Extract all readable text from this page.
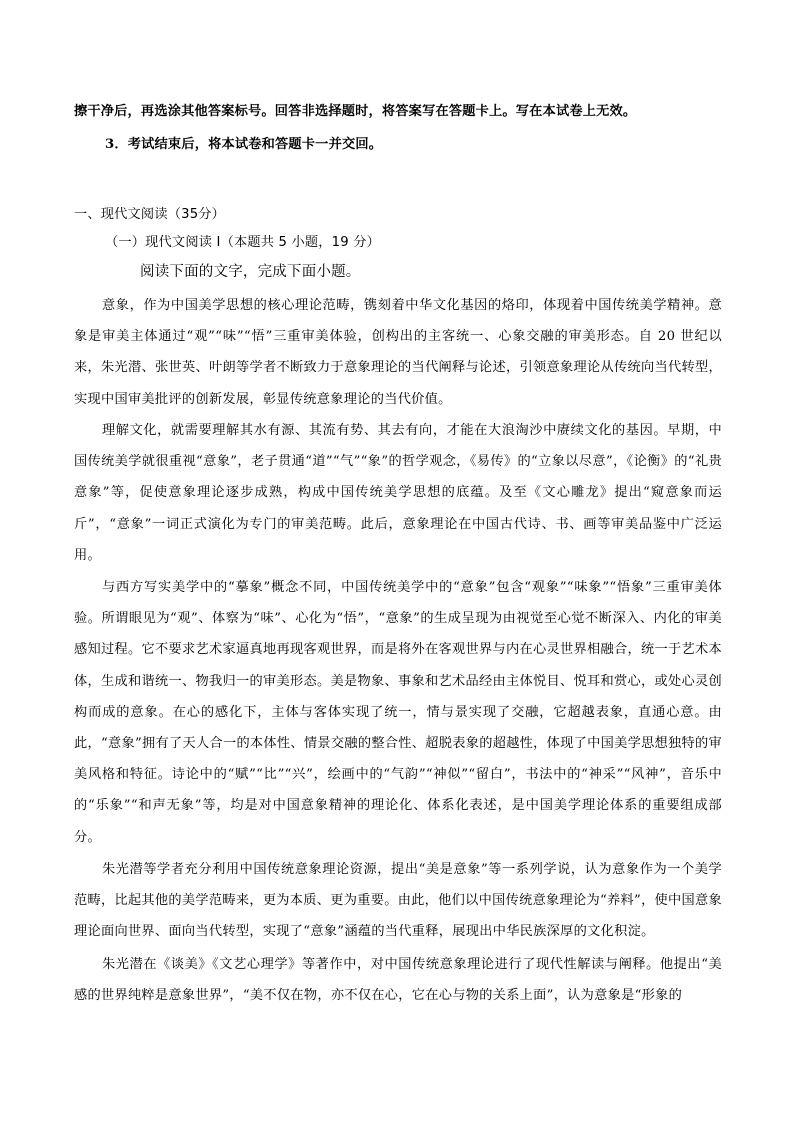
擦干净后，再选涂其他答案标号。回答非选择题时，将答案写在答题卡上。写在本试卷上无效。
3．考试结束后，将本试卷和答题卡一并交回。
一、现代文阅读（35分）
（一）现代文阅读 I（本题共 5 小题，19 分）
阅读下面的文字，完成下面小题。
意象，作为中国美学思想的核心理论范畴，镌刻着中华文化基因的烙印，体现着中国传统美学精神。意象是审美主体通过“观”“味”“悟”三重审美体验，创构出的主客统一、心象交融的审美形态。自 20 世纪以来，朱光潜、张世英、叶朗等学者不断致力于意象理论的当代阐释与论述，引领意象理论从传统向当代转型，实现中国审美批评的创新发展，彰显传统意象理论的当代价值。
理解文化，就需要理解其水有源、其流有势、其去有向，才能在大浪淘沙中赓续文化的基因。早期，中国传统美学就很重视“意象”，老子贯通“道”“气”“象”的哲学观念，《易传》的“立象以尽意”，《论衡》的“礼贵意象”等，促使意象理论逐步成熟，构成中国传统美学思想的底蕴。及至《文心雕龙》提出“窥意象而运斤”，“意象”一词正式演化为专门的审美范畴。此后，意象理论在中国古代诗、书、画等审美品鉴中广泛运用。
与西方写实美学中的“摹象”概念不同，中国传统美学中的“意象”包含“观象”“味象”“悟象”三重审美体验。所谓眼见为“观”、体察为“味”、心化为“悟”，“意象”的生成呈现为由视觉至心觉不断深入、内化的审美感知过程。它不要求艺术家逼真地再现客观世界，而是将外在客观世界与内在心灵世界相融合，统一于艺术本体，生成和谐统一、物我归一的审美形态。美是物象、事象和艺术品经由主体悦目、悦耳和赏心，或处心灵创构而成的意象。在心的感化下，主体与客体实现了统一，情与景实现了交融，它超越表象，直通心意。由此，“意象”拥有了天人合一的本体性、情景交融的整合性、超脱表象的超越性，体现了中国美学思想独特的审美风格和特征。诗论中的“赋”“比”“兴”，绘画中的“气韵”“神似”“留白”，书法中的“神采”“风神”，音乐中的“乐象”“和声无象”等，均是对中国意象精神的理论化、体系化表述，是中国美学理论体系的重要组成部分。
朱光潜等学者充分利用中国传统意象理论资源，提出“美是意象”等一系列学说，认为意象作为一个美学范畴，比起其他的美学范畴来，更为本质、更为重要。由此，他们以中国传统意象理论为“养料”，使中国意象理论面向世界、面向当代转型，实现了“意象”涵蕴的当代重释，展现出中华民族深厚的文化积淀。
朱光潜在《谈美》《文艺心理学》等著作中，对中国传统意象理论进行了现代性解读与阐释。他提出“美感的世界纯粹是意象世界”，“美不仅在物，亦不仅在心，它在心与物的关系上面”，认为意象是“形象的
